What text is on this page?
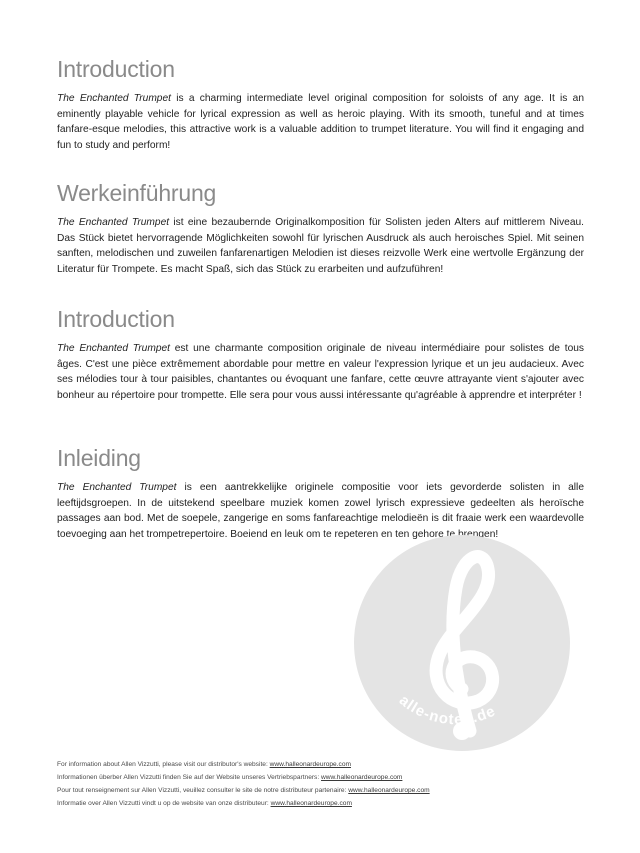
Introduction

The Enchanted Trumpet is a charming intermediate level original composition for soloists of any age. It is an eminently playable vehicle for lyrical expression as well as heroic playing. With its smooth, tuneful and at times fanfare-esque melodies, this attractive work is a valuable addition to trumpet literature. You will find it engaging and fun to study and perform!

Werkeinführung

The Enchanted Trumpet ist eine bezaubernde Originalkomposition für Solisten jeden Alters auf mittlerem Niveau. Das Stück bietet hervorragende Möglichkeiten sowohl für lyrischen Ausdruck als auch heroisches Spiel. Mit seinen sanften, melodischen und zuweilen fanfarenartigen Melodien ist dieses reizvolle Werk eine wertvolle Ergänzung der Literatur für Trompete. Es macht Spaß, sich das Stück zu erarbeiten und aufzuführen!

Introduction

The Enchanted Trumpet est une charmante composition originale de niveau intermédiaire pour solistes de tous âges. C'est une pièce extrêmement abordable pour mettre en valeur l'expression lyrique et un jeu audacieux. Avec ses mélodies tour à tour paisibles, chantantes ou évoquant une fanfare, cette œuvre attrayante vient s'ajouter avec bonheur au répertoire pour trompette. Elle sera pour vous aussi intéressante qu'agréable à apprendre et interpréter !

Inleiding

The Enchanted Trumpet is een aantrekkelijke originele compositie voor iets gevorderde solisten in alle leeftijdsgroepen. In de uitstekend speelbare muziek komen zowel lyrisch expressieve gedeelten als heroïsche passages aan bod. Met de soepele, zangerige en soms fanfareachtige melodieën is dit fraaie werk een waardevolle toevoeging aan het trompetrepertoire. Boeiend en leuk om te repeteren en ten gehore te brengen!

alle-noten.de
For information about Allen Vizzutti, please visit our distributor's website: www.halleonardeurope.com
Informationen überber Allen Vizzutti finden Sie auf der Website unseres Vertriebspartners: www.halleonardeurope.com
Pour tout renseignement sur Allen Vizzutti, veuillez consulter le site de notre distributeur partenaire: www.halleonardeurope.com
Informatie over Allen Vizzutti vindt u op de website van onze distributeur: www.halleonardeurope.com
